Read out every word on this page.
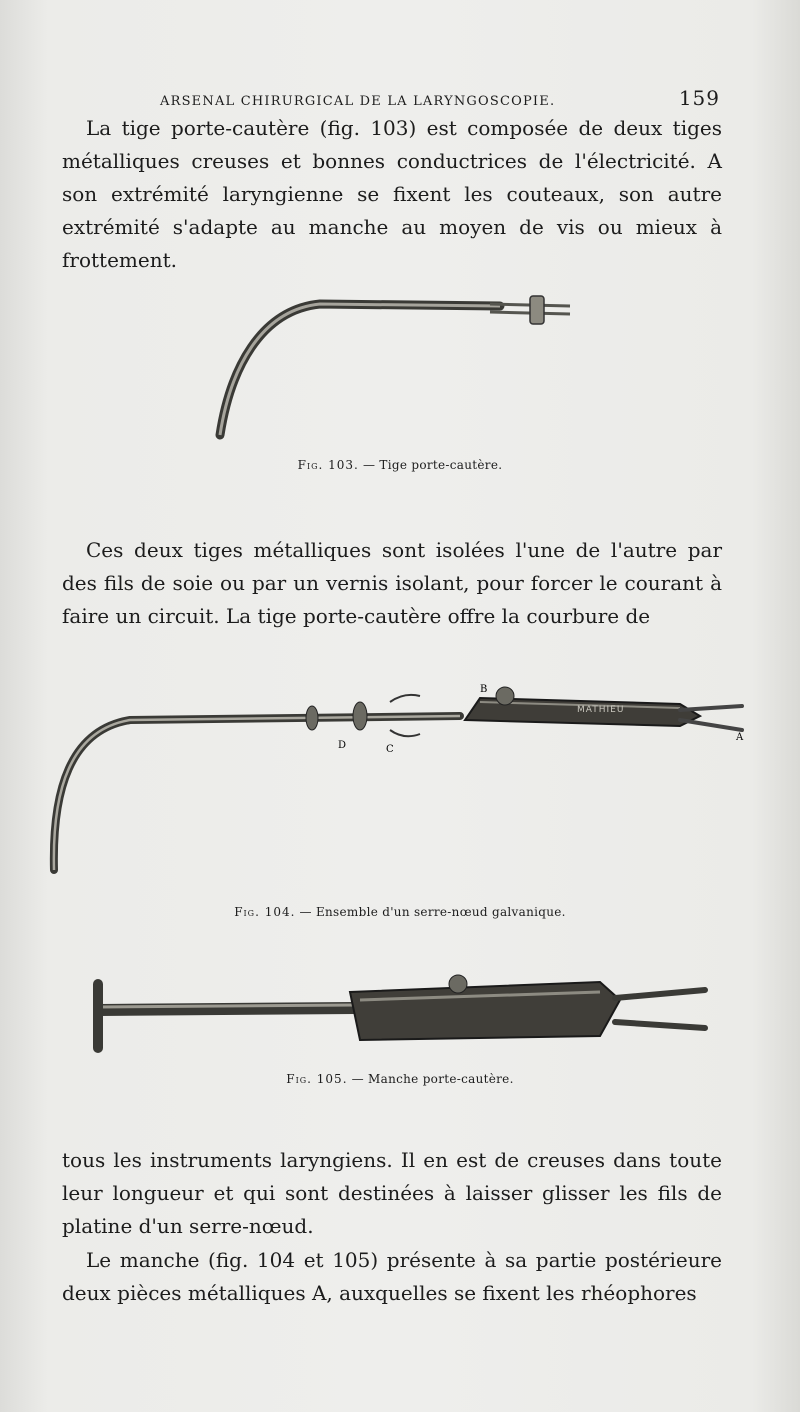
ARSENAL CHIRURGICAL DE LA LARYNGOSCOPIE.	159

La tige porte-cautère (fig. 103) est composée de deux tiges métalliques creuses et bonnes conductrices de l'électricité. A son extrémité laryngienne se fixent les couteaux, son autre extrémité s'adapte au manche au moyen de vis ou mieux à frottement.

Fig. 103. — Tige porte-cautère.

Ces deux tiges métalliques sont isolées l'une de l'autre par des fils de soie ou par un vernis isolant, pour forcer le courant à faire un circuit. La tige porte-cautère offre la courbure de

MATHIEU
A
B
C
D
Fig. 104. — Ensemble d'un serre-nœud galvanique.
Fig. 105. — Manche porte-cautère.

tous les instruments laryngiens. Il en est de creuses dans toute leur longueur et qui sont destinées à laisser glisser les fils de platine d'un serre-nœud.

Le manche (fig. 104 et 105) présente à sa partie postérieure deux pièces métalliques A, auxquelles se fixent les rhéophores
